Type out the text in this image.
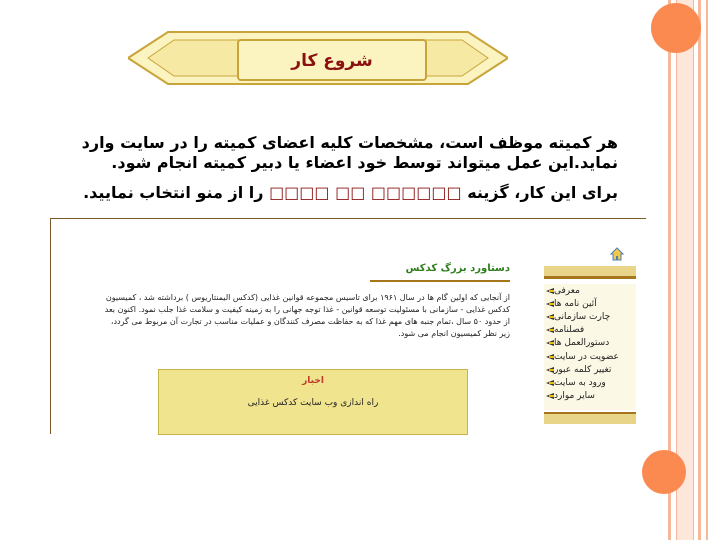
شروع کار
هر کمیته موظف است، مشخصات کلیه اعضای کمیته را در سایت وارد نماید.این عمل میتواند توسط خود اعضاء یا دبیر کمیته انجام شود.
برای این کار، گزینه □□□□□□ □□ □□□□ را از منو انتخاب نمایید.
معرفی
آئین نامه ها
چارت سازمانی
فصلنامه
دستورالعمل ها
عضویت در سایت
تغییر کلمه عبور
ورود به سایت
سایر موارد
دستاورد بزرگ کدکس
از آنجایی که اولین گام ها در سال ۱۹۶۱ برای تاسیس مجموعه قوانین غذایی (کدکس الیمنتاریوس ) برداشته شد ، کمیسیون کدکس غذایی - سازمانی با مسئولیت توسعه قوانین - غذا توجه جهانی را به زمینه کیفیت و سلامت غذا جلب نمود. اکنون بعد از حدود ۵۰ سال ،تمام جنبه های مهم غذا که به حفاظت مصرف کنندگان و عملیات مناسب در تجارت آن مربوط می گردد، زیر نظر کمیسیون انجام می شود.
اخبار
راه اندازی وب سایت کدکس غذایی
